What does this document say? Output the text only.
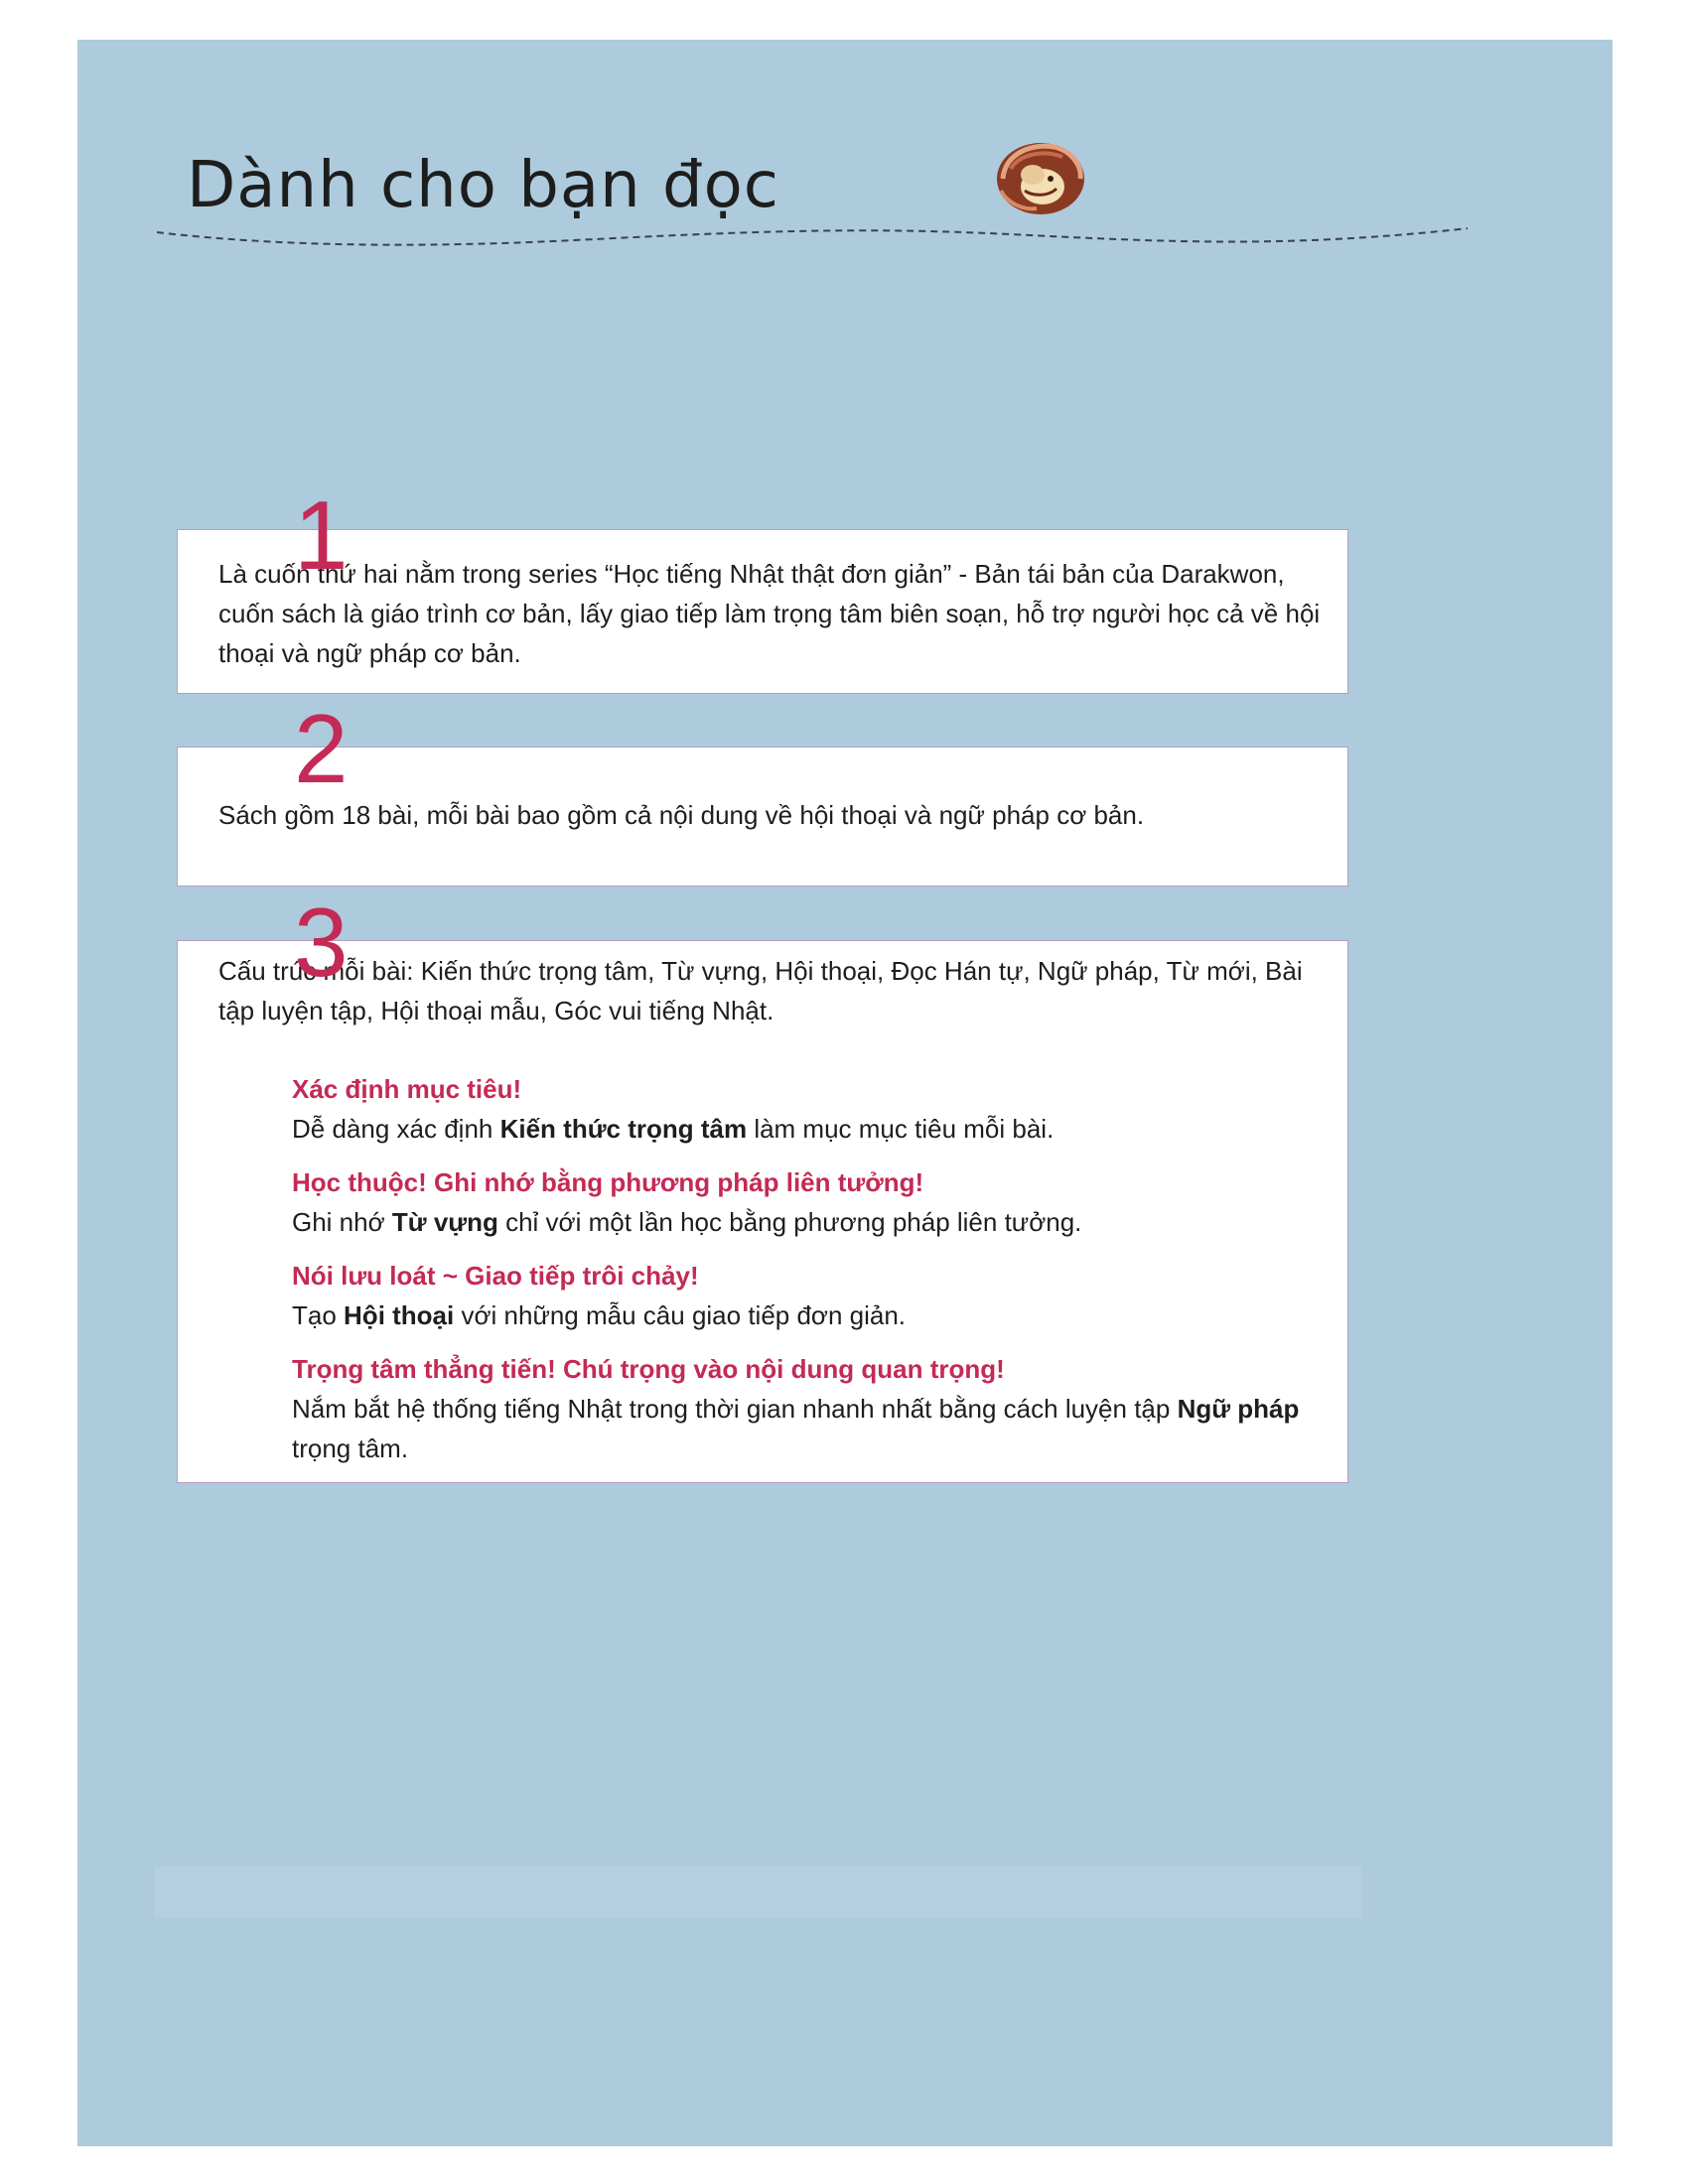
Dành cho bạn đọc
1

Là cuốn thứ hai nằm trong series “Học tiếng Nhật thật đơn giản” - Bản tái bản của Darakwon, cuốn sách là giáo trình cơ bản, lấy giao tiếp làm trọng tâm biên soạn, hỗ trợ người học cả về hội thoại và ngữ pháp cơ bản.

2

Sách gồm 18 bài, mỗi bài bao gồm cả nội dung về hội thoại và ngữ pháp cơ bản.

3

Cấu trúc mỗi bài: Kiến thức trọng tâm, Từ vựng, Hội thoại, Đọc Hán tự, Ngữ pháp, Từ mới, Bài tập luyện tập, Hội thoại mẫu, Góc vui tiếng Nhật.

Xác định mục tiêu!

Dễ dàng xác định Kiến thức trọng tâm làm mục mục tiêu mỗi bài.

Học thuộc! Ghi nhớ bằng phương pháp liên tưởng!

Ghi nhớ Từ vựng chỉ với một lần học bằng phương pháp liên tưởng.

Nói lưu loát ~ Giao tiếp trôi chảy!

Tạo Hội thoại với những mẫu câu giao tiếp đơn giản.

Trọng tâm thẳng tiến! Chú trọng vào nội dung quan trọng!

Nắm bắt hệ thống tiếng Nhật trong thời gian nhanh nhất bằng cách luyện tập Ngữ pháp trọng tâm.
